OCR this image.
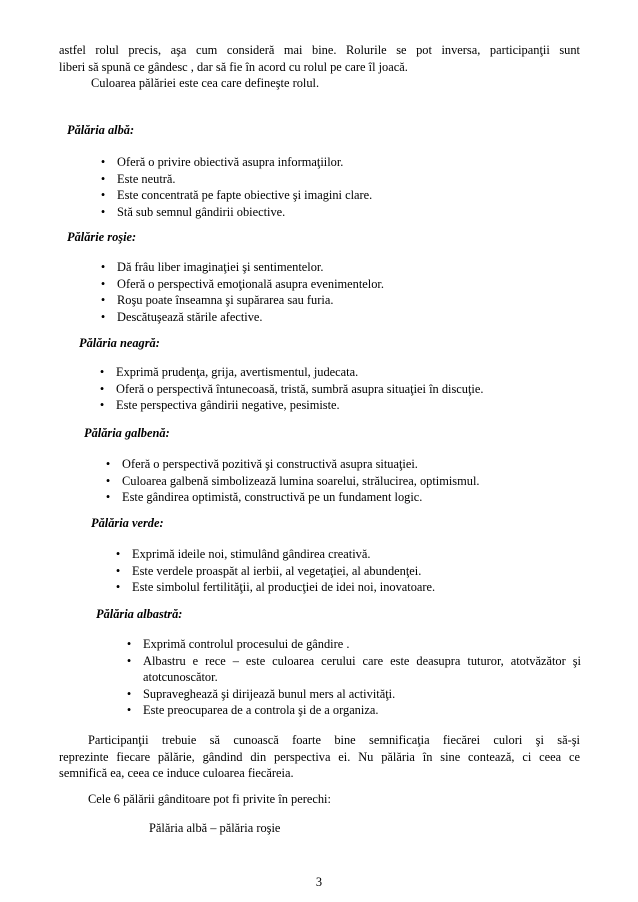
astfel rolul precis, aşa cum consideră mai bine. Rolurile se pot inversa, participanţii sunt
liberi să spună ce gândesc , dar să fie în acord cu rolul pe care îl joacă.
Culoarea pălăriei este cea care defineşte rolul.
Pălăria albă:
• Oferă o privire obiectivă asupra informaţiilor.
• Este neutră.
• Este concentrată pe fapte obiective şi imagini clare.
• Stă sub semnul gândirii obiective.
Pălărie roşie:
• Dă frâu liber imaginaţiei şi sentimentelor.
• Oferă o perspectivă emoţională asupra evenimentelor.
• Roşu poate înseamna şi supărarea sau furia.
• Descătuşează stările afective.
Pălăria neagră:
• Exprimă prudenţa, grija, avertismentul, judecata.
• Oferă o perspectivă întunecoasă, tristă, sumbră asupra situaţiei în discuţie.
• Este perspectiva gândirii negative, pesimiste.
Pălăria galbenă:
• Oferă o perspectivă pozitivă şi constructivă asupra situaţiei.
• Culoarea galbenă simbolizează lumina soarelui, strălucirea, optimismul.
• Este gândirea optimistă, constructivă pe un fundament logic.
Pălăria verde:
• Exprimă ideile noi, stimulând gândirea creativă.
• Este verdele proaspăt al ierbii, al vegetaţiei, al abundenţei.
• Este simbolul fertilităţii, al producţiei de idei noi, inovatoare.
Pălăria albastră:
• Exprimă controlul procesului de gândire .
• Albastru e rece – este culoarea cerului care este deasupra tuturor, atotvăzător şi atotcunoscător.
• Supraveghează şi dirijează bunul mers al activităţi.
• Este preocuparea de a controla şi de a organiza.
Participanţii trebuie să cunoască foarte bine semnificaţia fiecărei culori şi să-şi
reprezinte fiecare pălărie, gândind din perspectiva ei. Nu pălăria în sine contează, ci ceea ce
semnifică ea, ceea ce induce culoarea fiecăreia.
Cele 6 pălării gânditoare pot fi privite în perechi:
Pălăria albă – pălăria roşie
3
